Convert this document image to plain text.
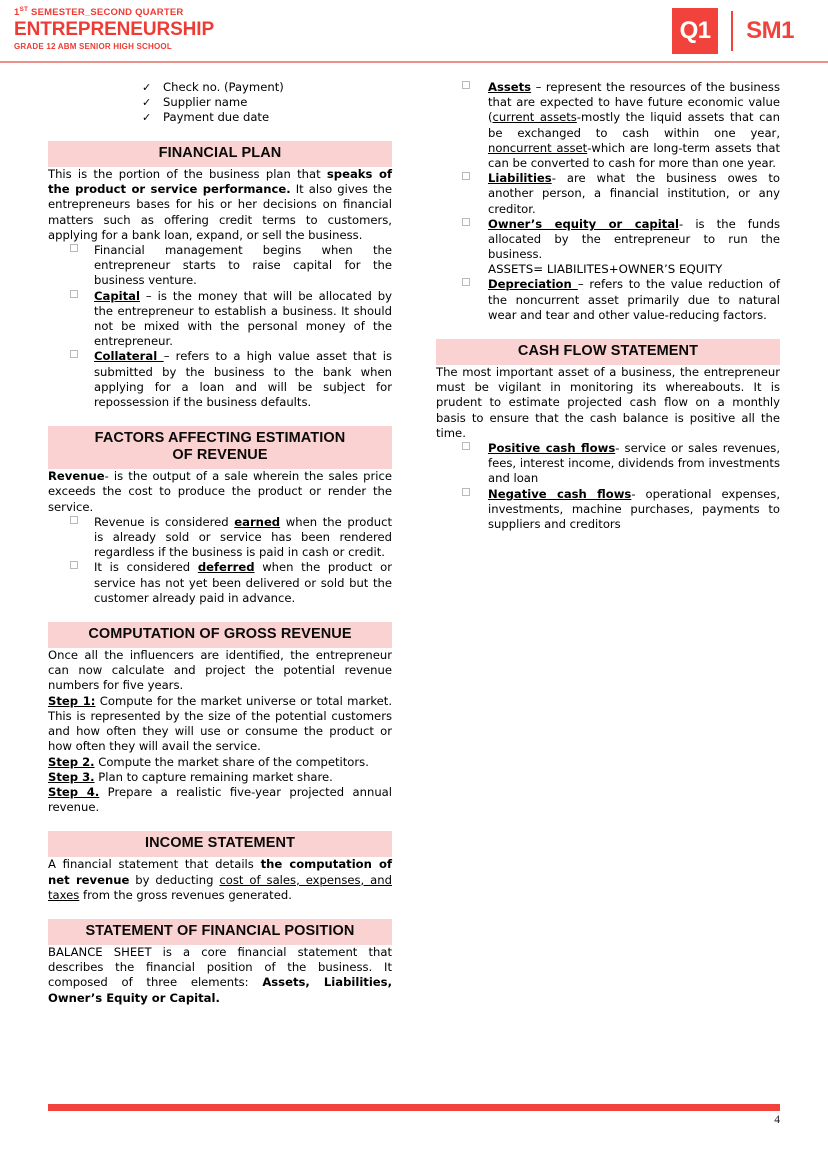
1ST SEMESTER_SECOND QUARTER
ENTREPRENEURSHIP
GRADE 12 ABM SENIOR HIGH SCHOOL
Q1	SM1
✓ Check no. (Payment)
✓ Supplier name
✓ Payment due date
FINANCIAL PLAN

This is the portion of the business plan that speaks of the product or service performance. It also gives the entrepreneurs bases for his or her decisions on financial matters such as offering credit terms to customers, applying for a bank loan, expand, or sell the business.

Financial management begins when the entrepreneur starts to raise capital for the business venture.
Capital – is the money that will be allocated by the entrepreneur to establish a business. It should not be mixed with the personal money of the entrepreneur.
Collateral – refers to a high value asset that is submitted by the business to the bank when applying for a loan and will be subject for repossession if the business defaults.
FACTORS AFFECTING ESTIMATION
OF REVENUE

Revenue- is the output of a sale wherein the sales price exceeds the cost to produce the product or render the service.

Revenue is considered earned when the product is already sold or service has been rendered regardless if the business is paid in cash or credit.
It is considered deferred when the product or service has not yet been delivered or sold but the customer already paid in advance.
COMPUTATION OF GROSS REVENUE

Once all the influencers are identified, the entrepreneur can now calculate and project the potential revenue numbers for five years.

Step 1: Compute for the market universe or total market. This is represented by the size of the potential customers and how often they will use or consume the product or how often they will avail the service.

Step 2. Compute the market share of the competitors.

Step 3. Plan to capture remaining market share.

Step 4. Prepare a realistic five-year projected annual revenue.

INCOME STATEMENT

A financial statement that details the computation of net revenue by deducting cost of sales, expenses, and taxes from the gross revenues generated.

STATEMENT OF FINANCIAL POSITION

BALANCE SHEET is a core financial statement that describes the financial position of the business. It composed of three elements: Assets, Liabilities, Owner’s Equity or Capital.

Assets – represent the resources of the business that are expected to have future economic value (current assets-mostly the liquid assets that can be exchanged to cash within one year, noncurrent asset-which are long-term assets that can be converted to cash for more than one year.
Liabilities- are what the business owes to another person, a financial institution, or any creditor.
Owner’s equity or capital- is the funds allocated by the entrepreneur to run the business.

ASSETS= LIABILITES+OWNER’S EQUITY

Depreciation – refers to the value reduction of the noncurrent asset primarily due to natural wear and tear and other value-reducing factors.
CASH FLOW STATEMENT

The most important asset of a business, the entrepreneur must be vigilant in monitoring its whereabouts. It is prudent to estimate projected cash flow on a monthly basis to ensure that the cash balance is positive all the time.

Positive cash flows- service or sales revenues, fees, interest income, dividends from investments and loan
Negative cash flows- operational expenses, investments, machine purchases, payments to suppliers and creditors
4
